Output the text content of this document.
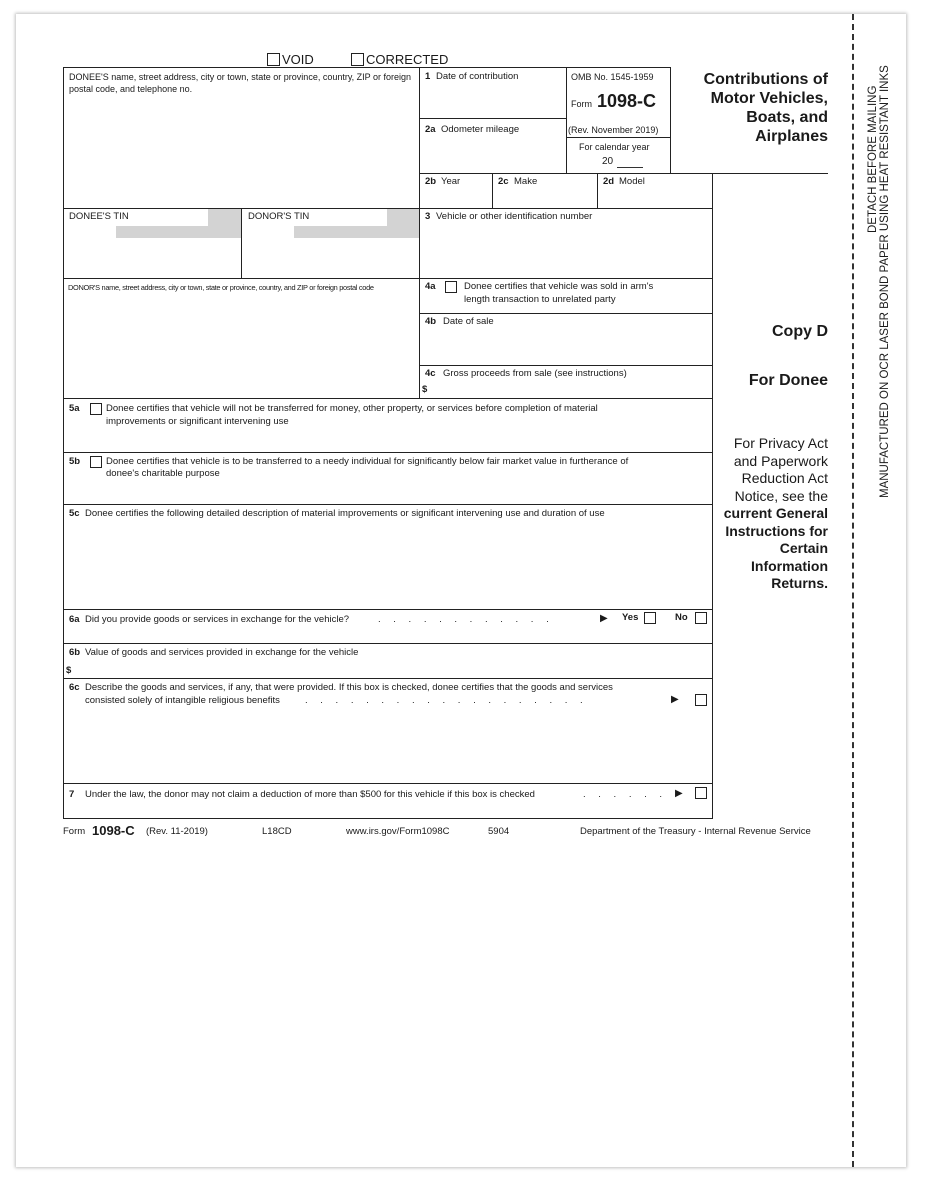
VOID	CORRECTED
DONEE'S name, street address, city or town, state or province, country, ZIP or foreign postal code, and telephone no.
1 Date of contribution	OMB No. 1545-1959
Form 1098-C
(Rev. November 2019)
For calendar year
20
2a Odometer mileage
Contributions of
Motor Vehicles,
Boats, and
Airplanes
2b Year	2c Make	2d Model
DONEE'S TIN	DONOR'S TIN	3 Vehicle or other identification number
DONOR'S name, street address, city or town, state or province, country, and ZIP or foreign postal code	4a	Donee certifies that vehicle was sold in arm's
length transaction to unrelated party
4b Date of sale
4c Gross proceeds from sale (see instructions)
$
Copy D
For Donee
For Privacy Act
and Paperwork
Reduction Act
Notice, see the
current General
Instructions for
Certain
Information
Returns.
5a	Donee certifies that vehicle will not be transferred for money, other property, or services before completion of material
improvements or significant intervening use
5b	Donee certifies that vehicle is to be transferred to a needy individual for significantly below fair market value in furtherance of
donee's charitable purpose
5c Donee certifies the following detailed description of material improvements or significant intervening use and duration of use
6a Did you provide goods or services in exchange for the vehicle?	. . . . . . . . . . . .	▶ Yes	No
6b Value of goods and services provided in exchange for the vehicle
$
6c Describe the goods and services, if any, that were provided. If this box is checked, donee certifies that the goods and services
consisted solely of intangible religious benefits	. . . . . . . . . . . . . . . . . . .	▶
7 Under the law, the donor may not claim a deduction of more than $500 for this vehicle if this box is checked	. . . . . . ▶
Form 1098-C (Rev. 11-2019)	L18CD	www.irs.gov/Form1098C	5904	Department of the Treasury - Internal Revenue Service
DETACH BEFORE MAILING MANUFACTURED ON OCR LASER BOND PAPER USING HEAT RESISTANT INKS
